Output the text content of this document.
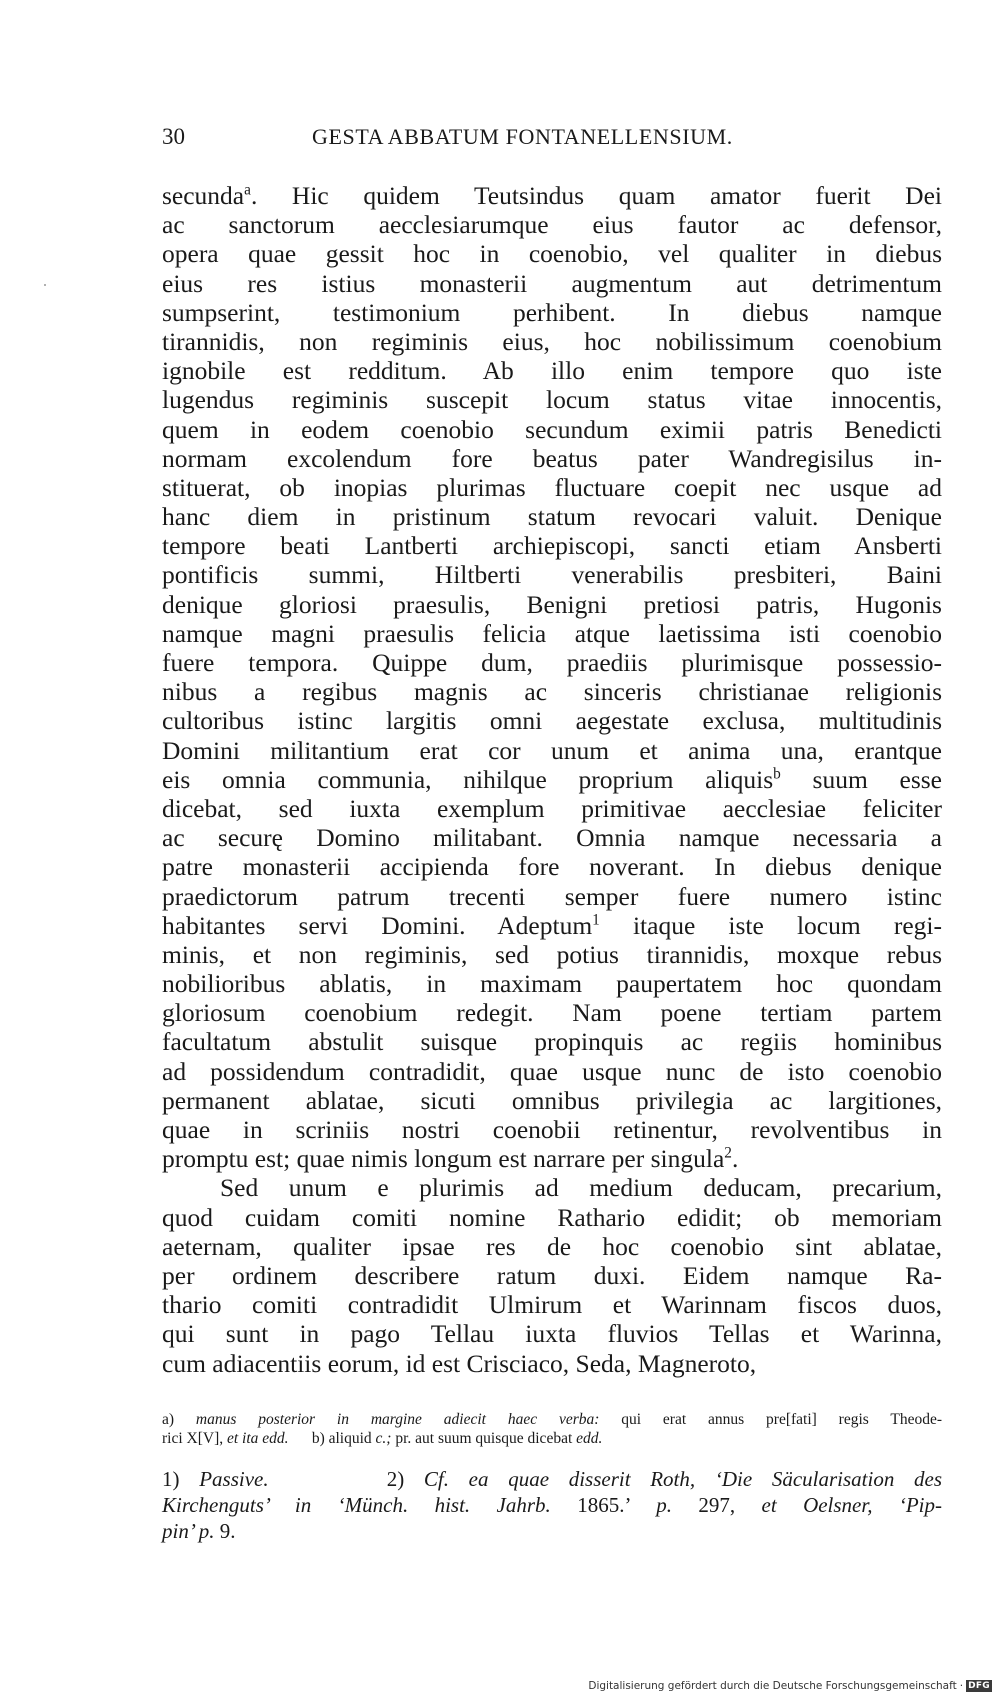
30	GESTA ABBATUM FONTANELLENSIUM.
secunda$^a$. Hic quidem Teutsindus quam amator fuerit Dei
ac sanctorum aecclesiarumque eius fautor ac defensor,
opera quae gessit hoc in coenobio, vel qualiter in diebus
eius res istius monasterii augmentum aut detrimentum
sumpserint, testimonium perhibent. In diebus namque
tirannidis, non regiminis eius, hoc nobilissimum coenobium
ignobile est redditum. Ab illo enim tempore quo iste
lugendus regiminis suscepit locum status vitae innocentis,
quem in eodem coenobio secundum eximii patris Benedicti
normam excolendum fore beatus pater Wandregisilus in-
stituerat, ob inopias plurimas fluctuare coepit nec usque ad
hanc diem in pristinum statum revocari valuit. Denique
tempore beati Lantberti archiepiscopi, sancti etiam Ansberti
pontificis summi, Hiltberti venerabilis presbiteri, Baini
denique gloriosi praesulis, Benigni pretiosi patris, Hugonis
namque magni praesulis felicia atque laetissima isti coenobio
fuere tempora. Quippe dum, praediis plurimisque possessio-
nibus a regibus magnis ac sinceris christianae religionis
cultoribus istinc largitis omni aegestate exclusa, multitudinis
Domini militantium erat cor unum et anima una, erantque
eis omnia communia, nihilque proprium aliquis$^b$ suum esse
dicebat, sed iuxta exemplum primitivae aecclesiae feliciter
ac securę Domino militabant. Omnia namque necessaria a
patre monasterii accipienda fore noverant. In diebus denique
praedictorum patrum trecenti semper fuere numero istinc
habitantes servi Domini. Adeptum$^1$ itaque iste locum regi-
minis, et non regiminis, sed potius tirannidis, moxque rebus
nobilioribus ablatis, in maximam paupertatem hoc quondam
gloriosum coenobium redegit. Nam poene tertiam partem
facultatum abstulit suisque propinquis ac regiis hominibus
ad possidendum contradidit, quae usque nunc de isto coenobio
permanent ablatae, sicuti omnibus privilegia ac largitiones,
quae in scriniis nostri coenobii retinentur, revolventibus in
promptu est; quae nimis longum est narrare per singula$^2$.
Sed unum e plurimis ad medium deducam, precarium,
quod cuidam comiti nomine Rathario edidit; ob memoriam
aeternam, qualiter ipsae res de hoc coenobio sint ablatae,
per ordinem describere ratum duxi. Eidem namque Ra-
thario comiti contradidit Ulmirum et Warinnam fiscos duos,
qui sunt in pago Tellau iuxta fluvios Tellas et Warinna,
cum adiacentiis eorum, id est Crisciaco, Seda, Magneroto,
a) manus posterior in margine adiecit haec verba: qui erat annus pre[fati] regis Theode-
rici X[V], et ita edd.      b) aliquid c.; pr. aut suum quisque dicebat edd.
1) Passive.      2) Cf. ea quae disserit Roth, ‘Die Säcularisation des
Kirchenguts’ in ‘Münch. hist. Jahrb. 1865.’ p. 297, et Oelsner, ‘Pip-
pin’ p. 9.
Digitalisierung gefördert durch die Deutsche Forschungsgemeinschaft · DFG
